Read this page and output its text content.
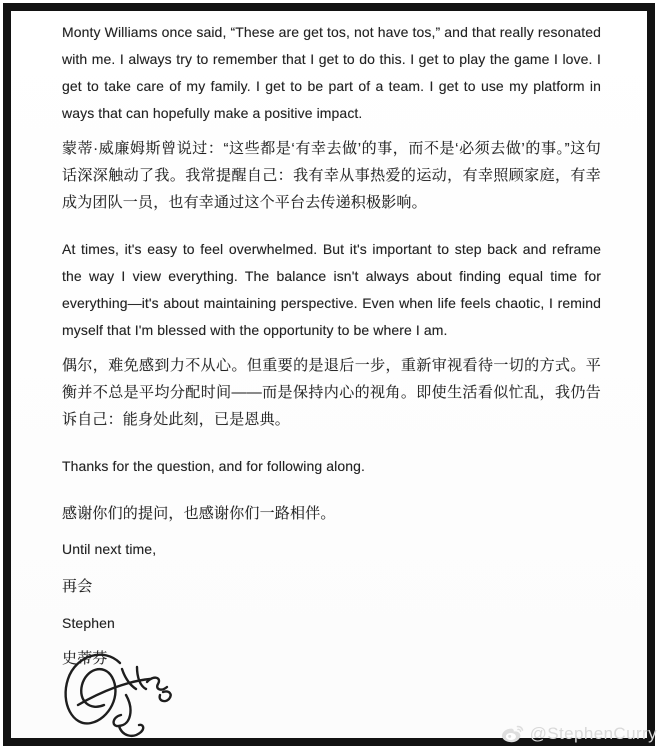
Monty Williams once said, “These are get tos, not have tos,” and that really resonated with me. I always try to remember that I get to do this. I get to play the game I love. I get to take care of my family. I get to be part of a team. I get to use my platform in ways that can hopefully make a positive impact.

蒙蒂·威廉姆斯曾说过：“这些都是‘有幸去做’的事，而不是‘必须去做’的事。”这句话深深触动了我。我常提醒自己：我有幸从事热爱的运动，有幸照顾家庭，有幸成为团队一员，也有幸通过这个平台去传递积极影响。

At times, it's easy to feel overwhelmed. But it's important to step back and reframe the way I view everything. The balance isn't always about finding equal time for everything—it's about maintaining perspective. Even when life feels chaotic, I remind myself that I'm blessed with the opportunity to be where I am.

偶尔，难免感到力不从心。但重要的是退后一步，重新审视看待一切的方式。平衡并不总是平均分配时间——而是保持内心的视角。即使生活看似忙乱，我仍告诉自己：能身处此刻，已是恩典。

Thanks for the question, and for following along.

感谢你们的提问，也感谢你们一路相伴。

Until next time,

再会

Stephen

史蒂芬

@StephenCurry
